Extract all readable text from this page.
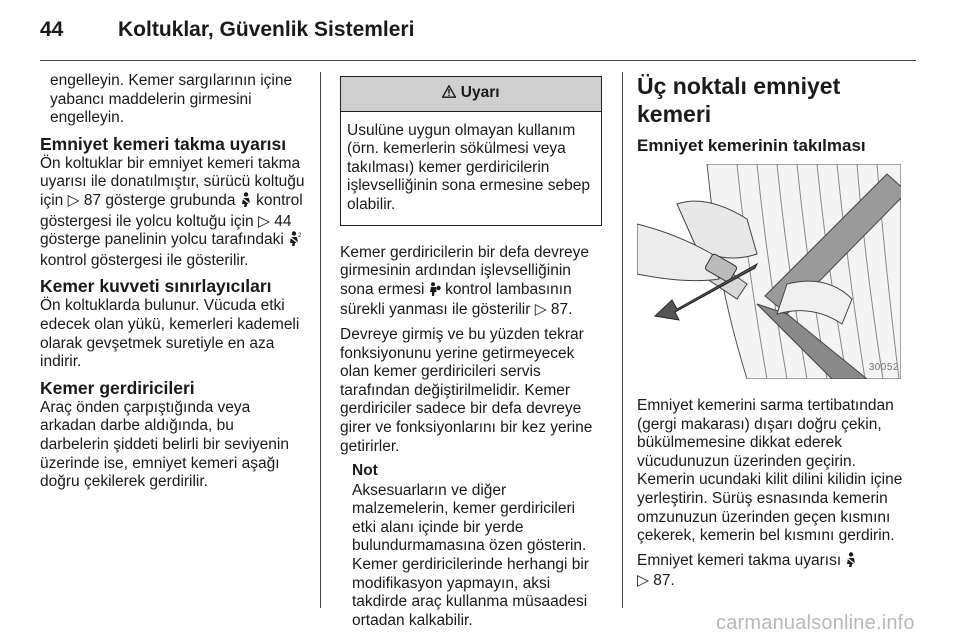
44	Koltuklar, Güvenlik Sistemleri

engelleyin. Kemer sargılarının içine yabancı maddelerin girmesini engelleyin.

Emniyet kemeri takma uyarısı

Ön koltuklar bir emniyet kemeri takma uyarısı ile donatılmıştır, sürücü koltuğu için ▷ 87 gösterge grubunda kontrol göstergesi ile yolcu koltuğu için ▷ 44 gösterge panelinin yolcu tarafındaki 2
kontrol göstergesi ile gösterilir.

Kemer kuvveti sınırlayıcıları

Ön koltuklarda bulunur. Vücuda etki edecek olan yükü, kemerleri kademeli olarak gevşetmek suretiyle en aza indirir.

Kemer gerdiricileri

Araç önden çarpıştığında veya arkadan darbe aldığında, bu darbelerin şiddeti belirli bir seviyenin üzerinde ise, emniyet kemeri aşağı doğru çekilerek gerdirilir.

Uyarı
Usulüne uygun olmayan kullanım (örn. kemerlerin sökülmesi veya takılması) kemer gerdiricilerin işlevselliğinin sona ermesine sebep olabilir.

Kemer gerdiricilerin bir defa devreye girmesinin ardından işlevselliğinin sona ermesi kontrol lambasının sürekli yanması ile gösterilir ▷ 87.

Devreye girmiş ve bu yüzden tekrar fonksiyonunu yerine getirmeyecek olan kemer gerdiricileri servis tarafından değiştirilmelidir. Kemer gerdiriciler sadece bir defa devreye girer ve fonksiyonlarını bir kez yerine getirirler.

Not
Aksesuarların ve diğer malzemelerin, kemer gerdiricileri etki alanı içinde bir yerde bulundurmamasına özen gösterin. Kemer gerdiricilerinde herhangi bir modifikasyon yapmayın, aksi takdirde araç kullanma müsaadesi ortadan kalkabilir.
Üç noktalı emniyet kemeri
Emniyet kemerinin takılması
30052

Emniyet kemerini sarma tertibatından (gergi makarası) dışarı doğru çekin, bükülmemesine dikkat ederek vücudunuzun üzerinden geçirin. Kemerin ucundaki kilit dilini kilidin içine yerleştirin. Sürüş esnasında kemerin omzunuzun üzerinden geçen kısmını çekerek, kemerin bel kısmını gerdirin.

Emniyet kemeri takma uyarısı
▷ 87.

carmanualsonline.info
